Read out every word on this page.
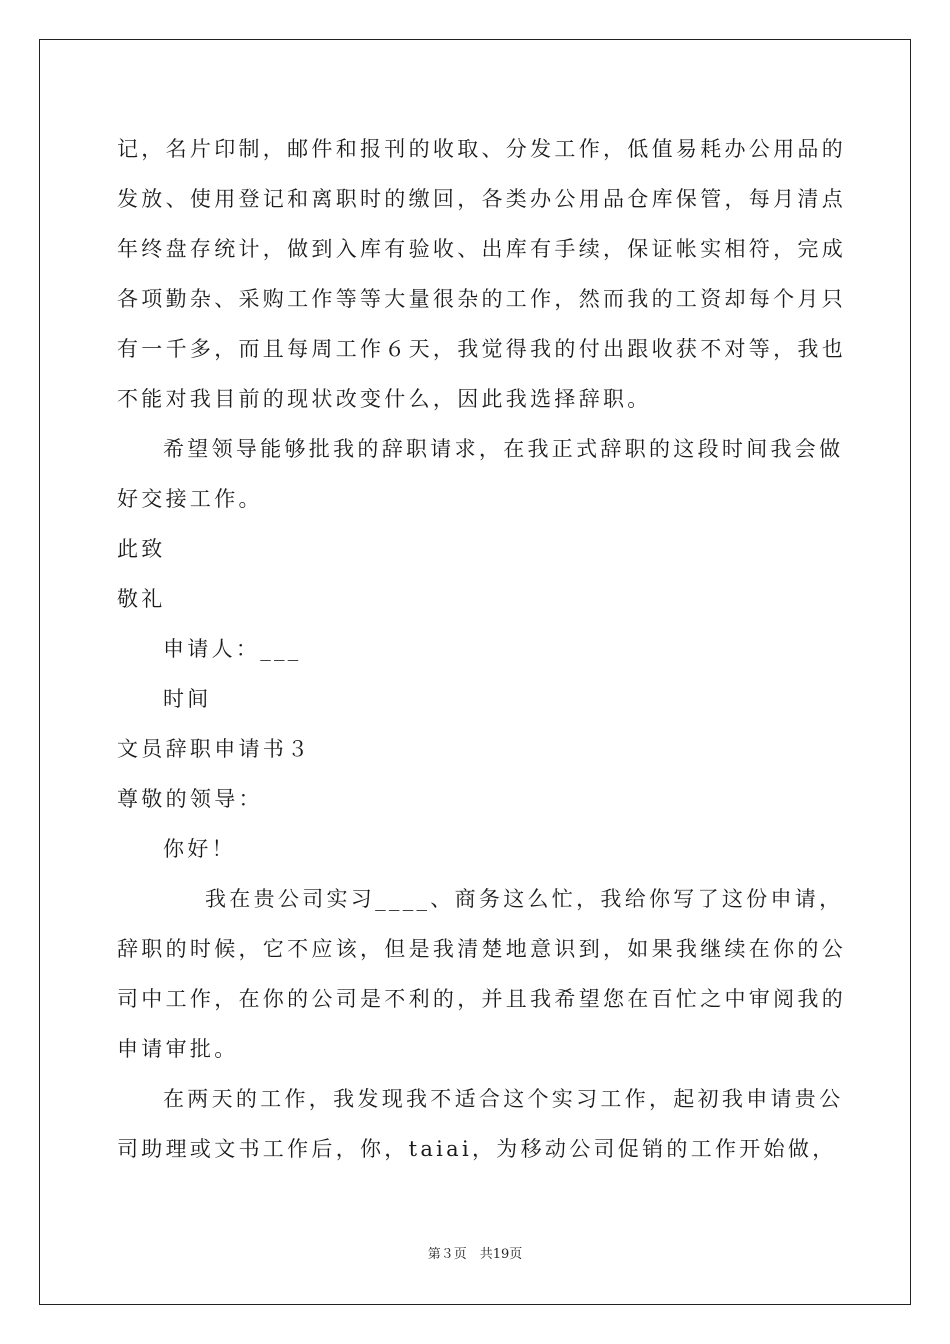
记，名片印制，邮件和报刊的收取、分发工作，低值易耗办公用品的
发放、使用登记和离职时的缴回，各类办公用品仓库保管，每月清点
年终盘存统计，做到入库有验收、出库有手续，保证帐实相符，完成
各项勤杂、采购工作等等大量很杂的工作，然而我的工资却每个月只
有一千多，而且每周工作６天，我觉得我的付出跟收获不对等，我也
不能对我目前的现状改变什么，因此我选择辞职。
希望领导能够批我的辞职请求，在我正式辞职的这段时间我会做
好交接工作。
此致
敬礼
申请人：___
时间
文员辞职申请书３
尊敬的领导：
你好！
我在贵公司实习____、商务这么忙，我给你写了这份申请，
辞职的时候，它不应该，但是我清楚地意识到，如果我继续在你的公
司中工作，在你的公司是不利的，并且我希望您在百忙之中审阅我的
申请审批。
在两天的工作，我发现我不适合这个实习工作，起初我申请贵公
司助理或文书工作后，你，taiai，为移动公司促销的工作开始做，
第３页　共19页
